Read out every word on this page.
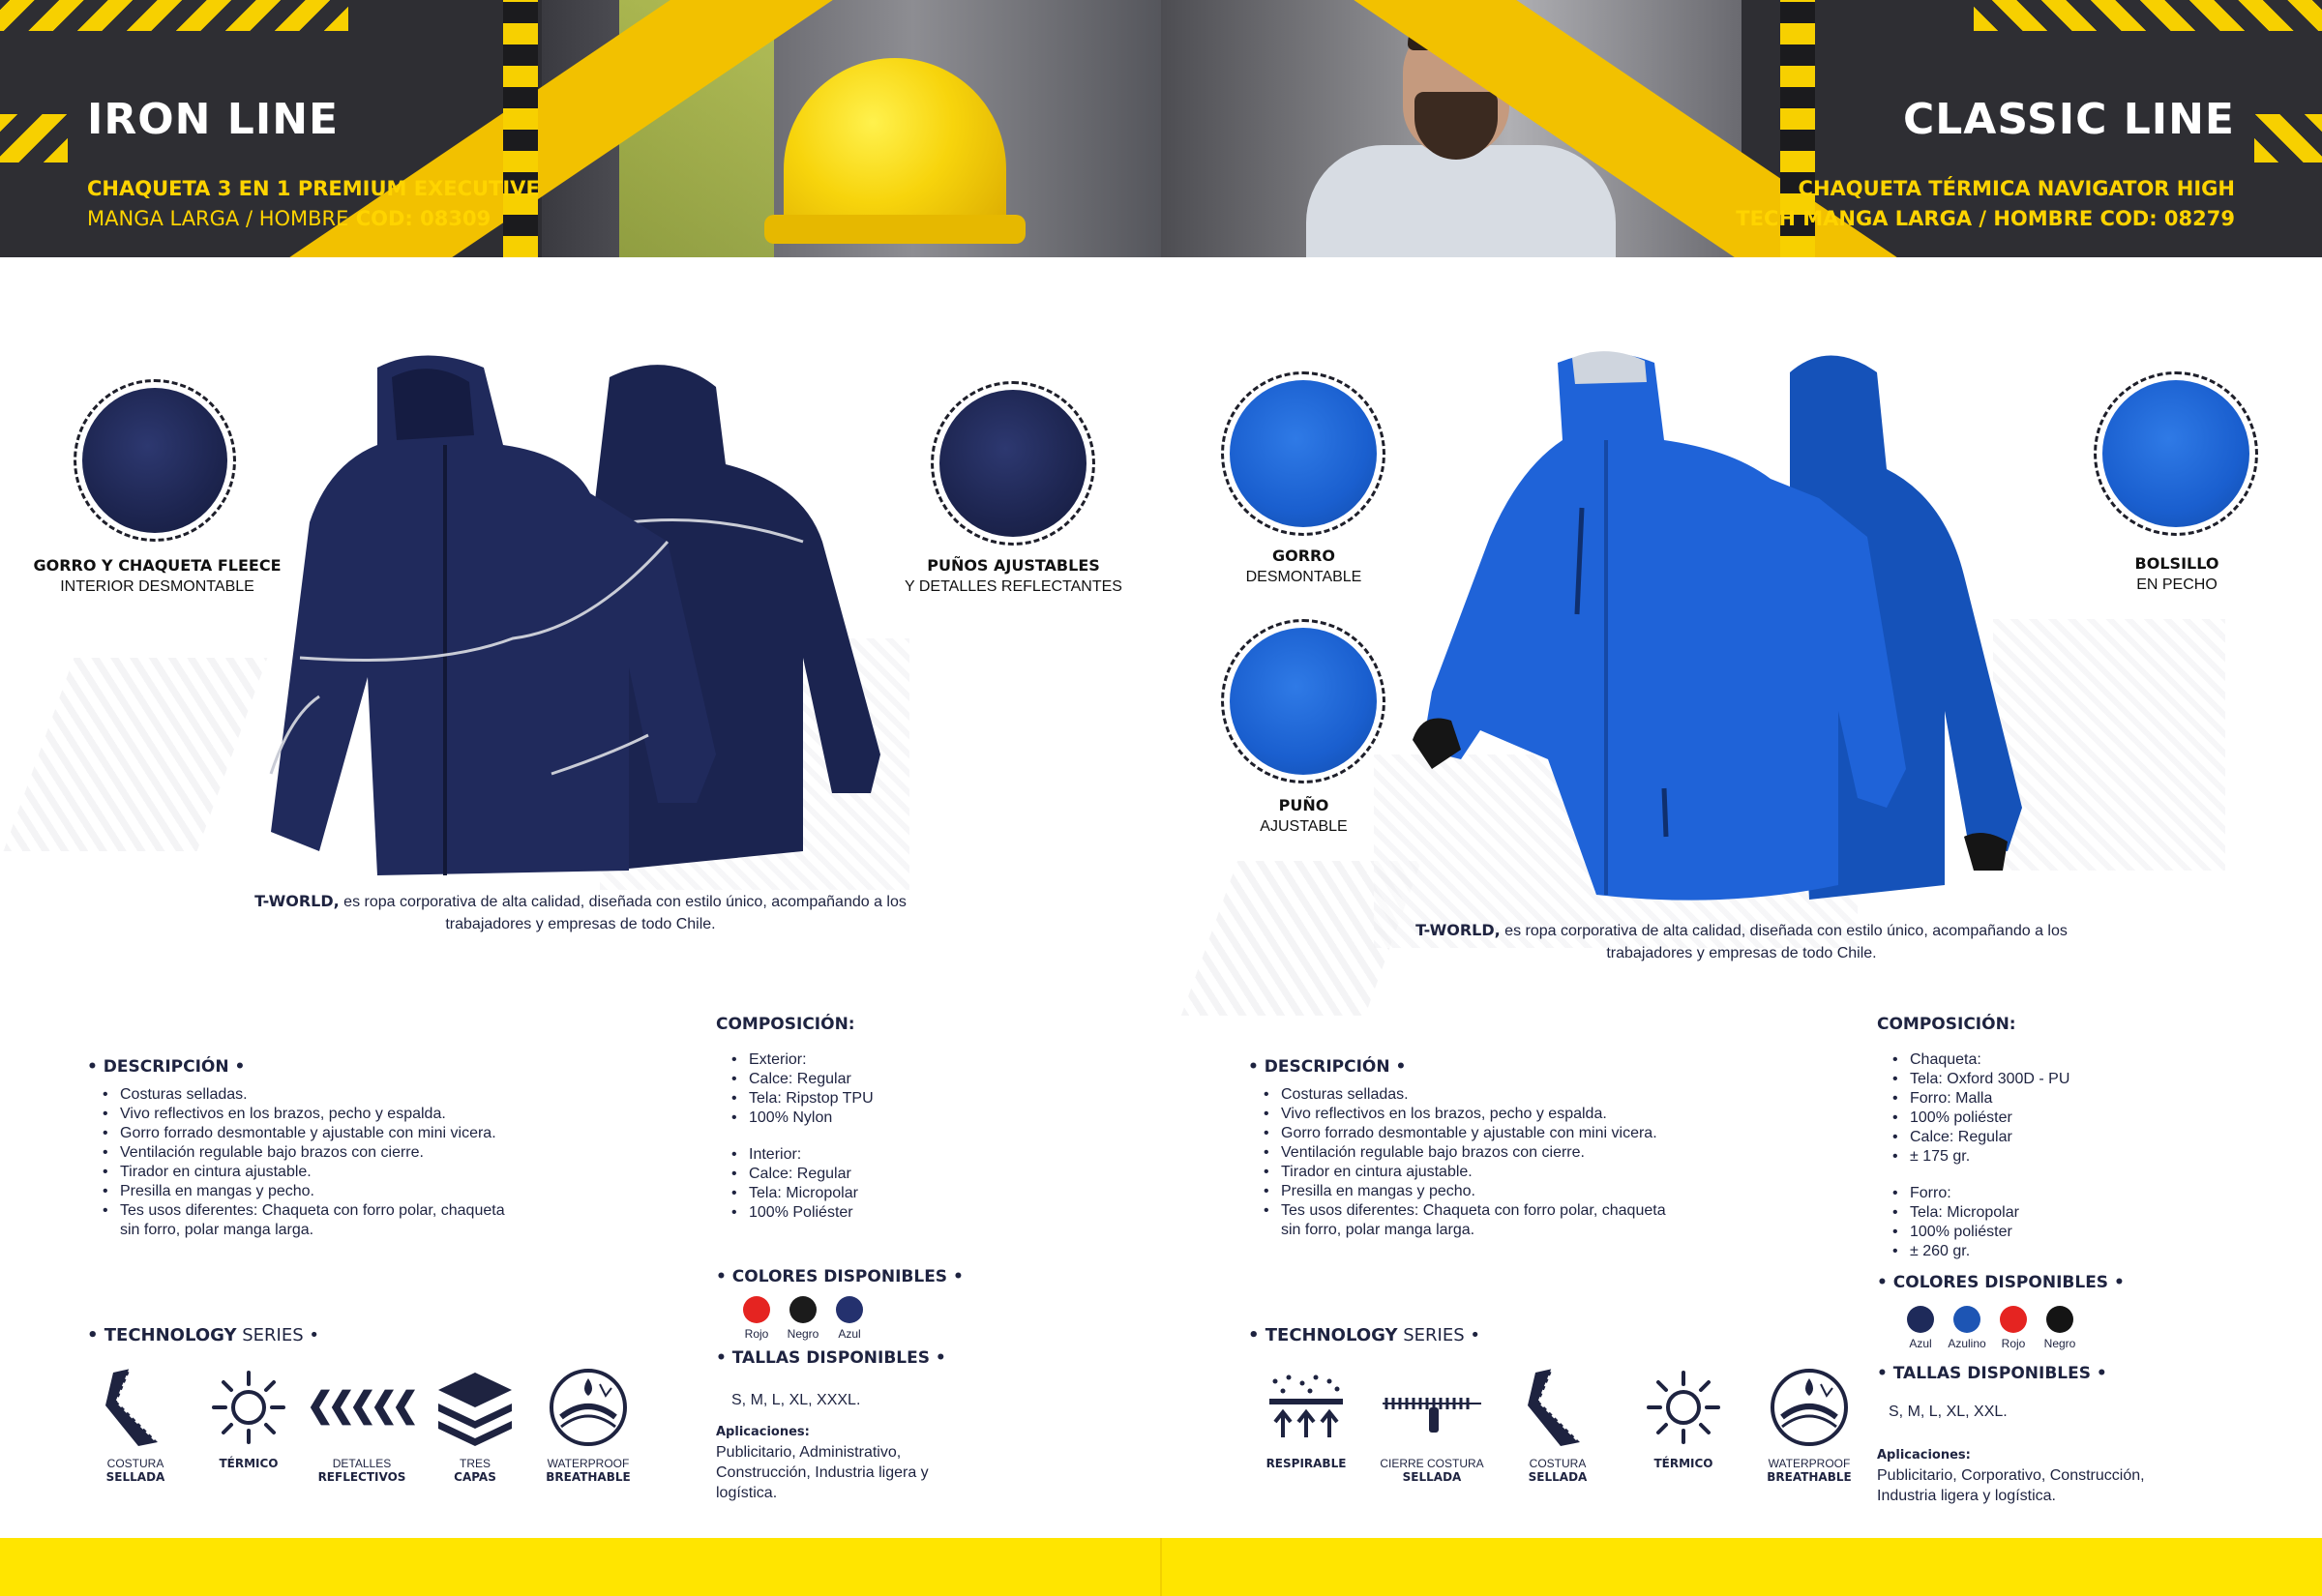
IRON LINE
CHAQUETA 3 EN 1 PREMIUM EXECUTIVE
MANGA LARGA / HOMBRE COD: 08309
CLASSIC LINE
CHAQUETA TÉRMICA NAVIGATOR HIGH
TECH MANGA LARGA / HOMBRE COD: 08279
GORRO Y CHAQUETA FLEECE
INTERIOR DESMONTABLE
PUÑOS AJUSTABLES
Y DETALLES REFLECTANTES
T-WORLD, es ropa corporativa de alta calidad, diseñada con estilo único, acompañando a los trabajadores y empresas de todo Chile.
• DESCRIPCIÓN •
• Costuras selladas.
• Vivo reflectivos en los brazos, pecho y espalda.
• Gorro forrado desmontable y ajustable con mini vicera.
• Ventilación regulable bajo brazos con cierre.
• Tirador en cintura ajustable.
• Presilla en mangas y pecho.
• Tes usos diferentes: Chaqueta con forro polar, chaqueta sin forro, polar manga larga.
COMPOSICIÓN:
• Exterior:
• Calce: Regular
• Tela: Ripstop TPU
• 100% Nylon
• Interior:
• Calce: Regular
• Tela: Micropolar
• 100% Poliéster
• COLORES DISPONIBLES •
Rojo	Negro	Azul
• TALLAS DISPONIBLES •
S, M, L, XL, XXXL.
Aplicaciones:
Publicitario, Administrativo, Construcción, Industria ligera y logística.
• TECHNOLOGY SERIES •
COSTURA
SELLADA
TÉRMICO	DETALLES
REFLECTIVOS
TRES
CAPAS
WATERPROOF
BREATHABLE
GORRO
DESMONTABLE
PUÑO
AJUSTABLE
BOLSILLO
EN PECHO
T-WORLD, es ropa corporativa de alta calidad, diseñada con estilo único, acompañando a los trabajadores y empresas de todo Chile.
• DESCRIPCIÓN •
• Costuras selladas.
• Vivo reflectivos en los brazos, pecho y espalda.
• Gorro forrado desmontable y ajustable con mini vicera.
• Ventilación regulable bajo brazos con cierre.
• Tirador en cintura ajustable.
• Presilla en mangas y pecho.
• Tes usos diferentes: Chaqueta con forro polar, chaqueta sin forro, polar manga larga.
COMPOSICIÓN:
• Chaqueta:
• Tela: Oxford 300D - PU
• Forro: Malla
• 100% poliéster
• Calce: Regular
• ± 175 gr.
• Forro:
• Tela: Micropolar
• 100% poliéster
• ± 260 gr.
• COLORES DISPONIBLES •
Azul	Azulino	Rojo	Negro
• TALLAS DISPONIBLES •
S, M, L, XL, XXL.
Aplicaciones:
Publicitario, Corporativo, Construcción, Industria ligera y logística.
• TECHNOLOGY SERIES •
RESPIRABLE	CIERRE COSTURA
SELLADA
COSTURA
SELLADA
TÉRMICO	WATERPROOF
BREATHABLE
